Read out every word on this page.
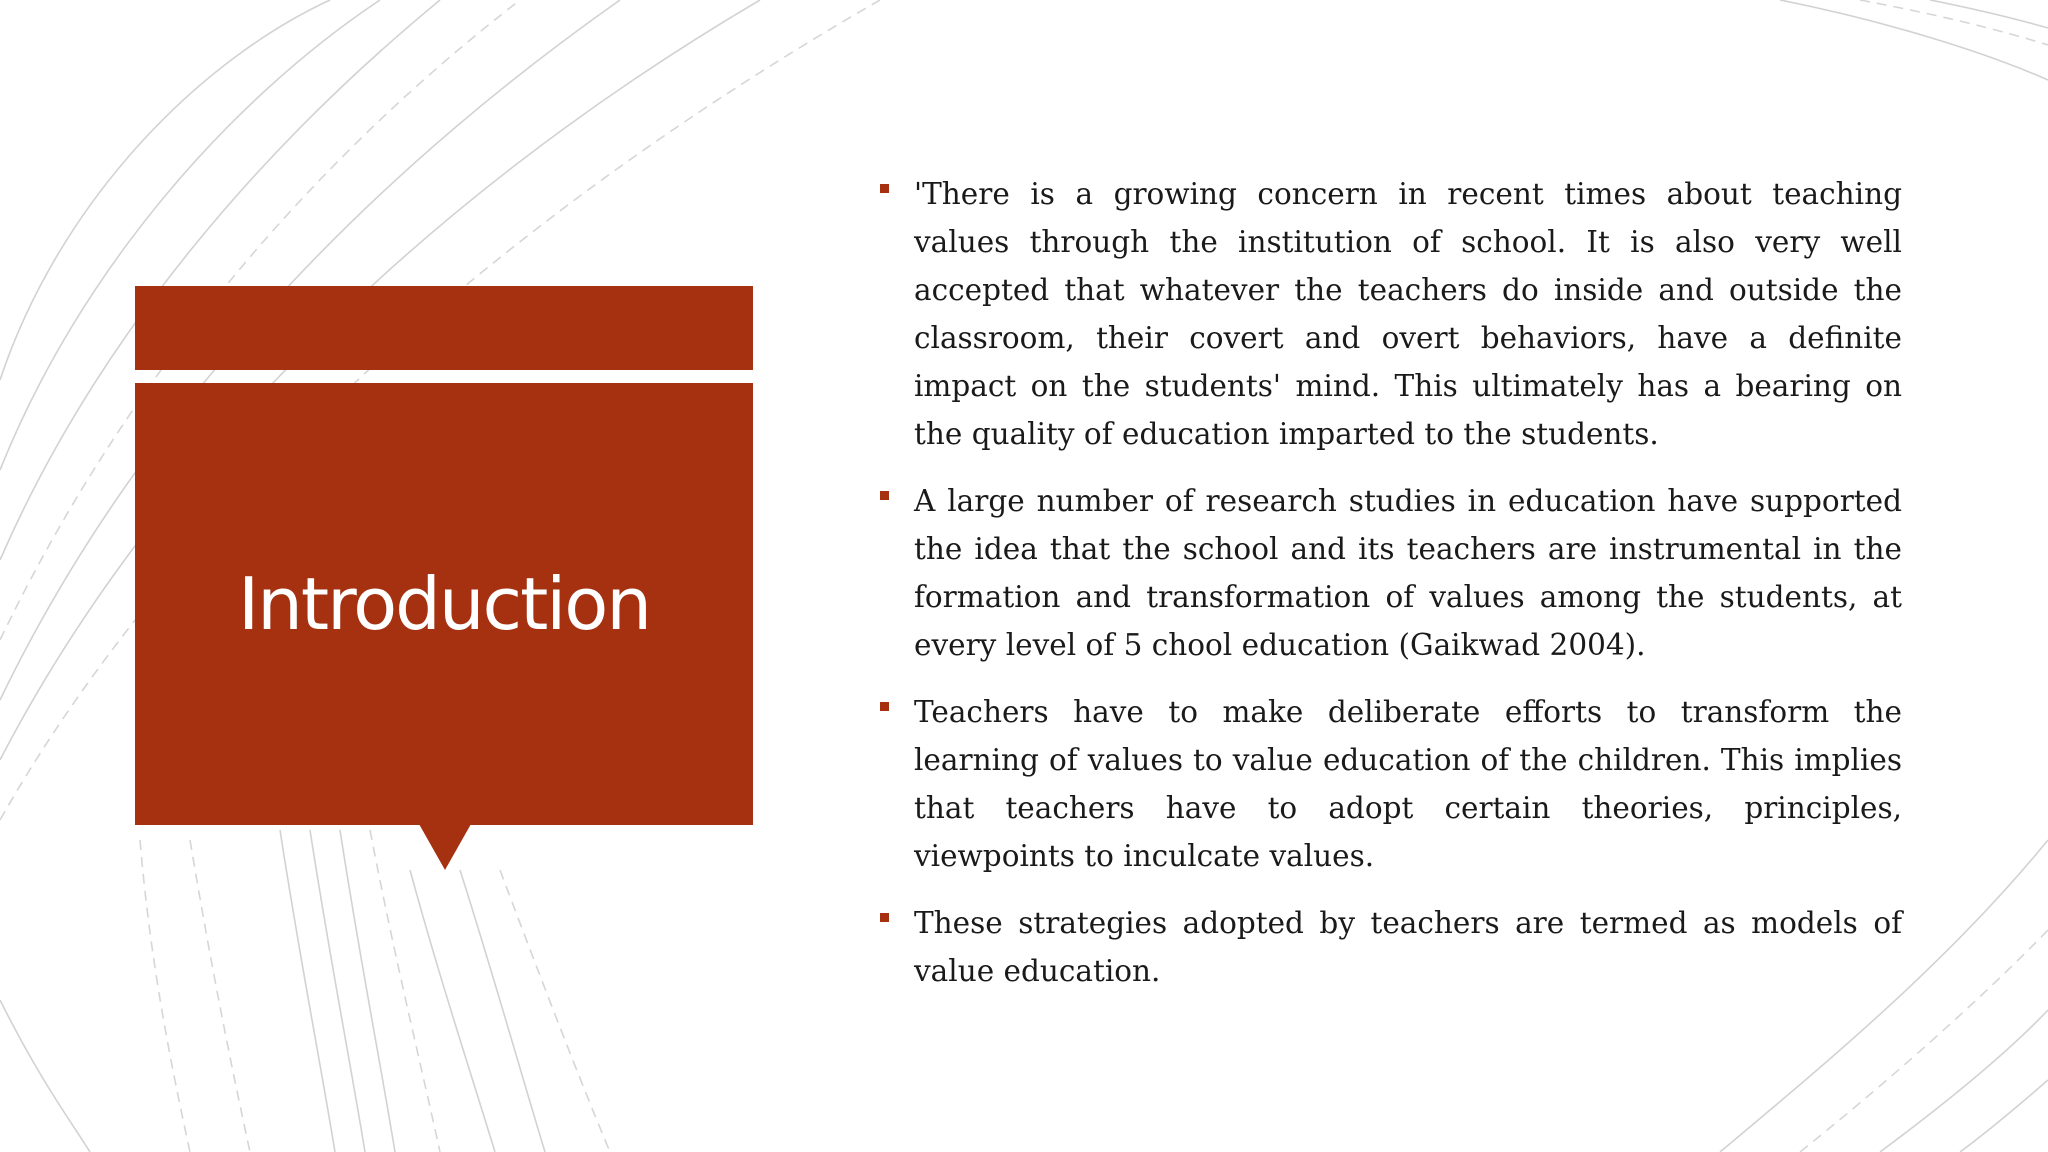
Introduction
'There is a growing concern in recent times about teaching values through the institution of school. It is also very well accepted that whatever the teachers do inside and outside the classroom, their covert and overt behaviors, have a definite impact on the students' mind. This ultimately has a bearing on the quality of education imparted to the students.
A large number of research studies in education have supported the idea that the school and its teachers are instrumental in the formation and transformation of values among the students, at every level of 5 chool education (Gaikwad 2004).
Teachers have to make deliberate efforts to transform the learning of values to value education of the children. This implies that teachers have to adopt certain theories, principles, viewpoints to inculcate values.
These strategies adopted by teachers are termed as models of value education.
